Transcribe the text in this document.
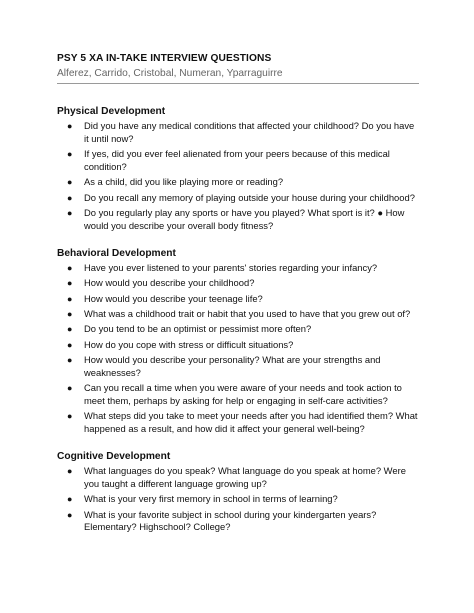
PSY 5 XA IN-TAKE INTERVIEW QUESTIONS

Alferez, Carrido, Cristobal, Numeran, Yparraguirre

Physical Development
● Did you have any medical conditions that affected your childhood? Do you have it until now?
● If yes, did you ever feel alienated from your peers because of this medical condition?
● As a child, did you like playing more or reading?
● Do you recall any memory of playing outside your house during your childhood?
● Do you regularly play any sports or have you played? What sport is it? ● How would you describe your overall body fitness?
Behavioral Development
● Have you ever listened to your parents' stories regarding your infancy?
● How would you describe your childhood?
● How would you describe your teenage life?
● What was a childhood trait or habit that you used to have that you grew out of?
● Do you tend to be an optimist or pessimist more often?
● How do you cope with stress or difficult situations?
● How would you describe your personality? What are your strengths and weaknesses?
● Can you recall a time when you were aware of your needs and took action to meet them, perhaps by asking for help or engaging in self-care activities?
● What steps did you take to meet your needs after you had identified them? What happened as a result, and how did it affect your general well-being?
Cognitive Development
● What languages do you speak? What language do you speak at home? Were you taught a different language growing up?
● What is your very first memory in school in terms of learning?
● What is your favorite subject in school during your kindergarten years? Elementary? Highschool? College?
